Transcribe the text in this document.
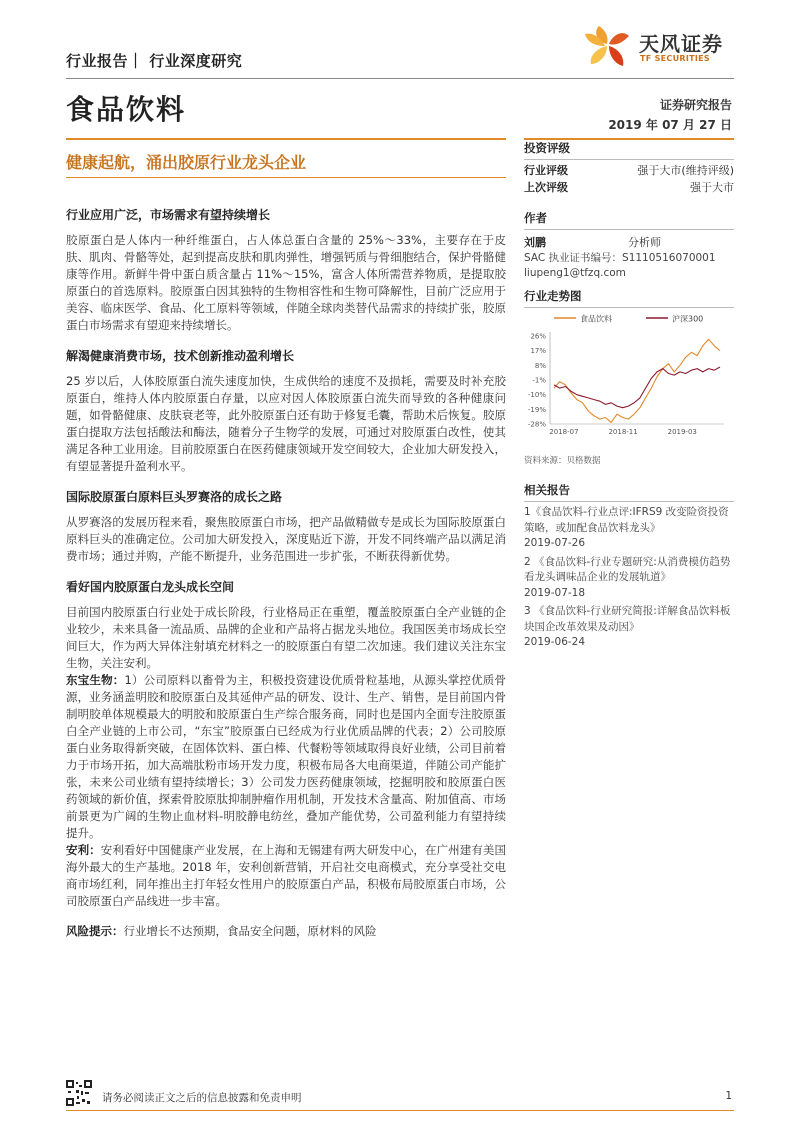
行业报告｜ 行业深度研究
天风证券
TF SECURITIES
食品饮料	证券研究报告
2019 年 07 月 27 日
健康起航，涌出胶原行业龙头企业
行业应用广泛，市场需求有望持续增长

胶原蛋白是人体内一种纤维蛋白，占人体总蛋白含量的 25%～33%，主要存在于皮肤、肌肉、骨骼等处，起到提高皮肤和肌肉弹性，增强钙质与骨细胞结合，保护骨骼健康等作用。新鲜牛骨中蛋白质含量占 11%～15%，富含人体所需营养物质，是提取胶原蛋白的首选原料。胶原蛋白因其独特的生物相容性和生物可降解性，目前广泛应用于美容、临床医学、食品、化工原料等领域，伴随全球肉类替代品需求的持续扩张，胶原蛋白市场需求有望迎来持续增长。

解渴健康消费市场，技术创新推动盈利增长

25 岁以后，人体胶原蛋白流失速度加快，生成供给的速度不及损耗，需要及时补充胶原蛋白，维持人体内胶原蛋白存量，以应对因人体胶原蛋白流失而导致的各种健康问题，如骨骼健康、皮肤衰老等，此外胶原蛋白还有助于修复毛囊，帮助术后恢复。胶原蛋白提取方法包括酸法和酶法，随着分子生物学的发展，可通过对胶原蛋白改性，使其满足各种工业用途。目前胶原蛋白在医药健康领域开发空间较大，企业加大研发投入，有望显著提升盈利水平。

国际胶原蛋白原料巨头罗赛洛的成长之路

从罗赛洛的发展历程来看，聚焦胶原蛋白市场，把产品做精做专是成长为国际胶原蛋白原料巨头的准确定位。公司加大研发投入，深度贴近下游，开发不同终端产品以满足消费市场；通过并购，产能不断提升，业务范围进一步扩张，不断获得新优势。

看好国内胶原蛋白龙头成长空间

目前国内胶原蛋白行业处于成长阶段，行业格局正在重塑，覆盖胶原蛋白全产业链的企业较少，未来具备一流品质、品牌的企业和产品将占据龙头地位。我国医美市场成长空间巨大，作为两大异体注射填充材料之一的胶原蛋白有望二次加速。我们建议关注东宝生物，关注安利。

东宝生物：1）公司原料以畜骨为主，积极投资建设优质骨粒基地，从源头掌控优质骨源，业务涵盖明胶和胶原蛋白及其延伸产品的研发、设计、生产、销售，是目前国内骨制明胶单体规模最大的明胶和胶原蛋白生产综合服务商，同时也是国内全面专注胶原蛋白全产业链的上市公司，“东宝”胶原蛋白已经成为行业优质品牌的代表；2）公司胶原蛋白业务取得新突破，在固体饮料、蛋白棒、代餐粉等领域取得良好业绩，公司目前着力于市场开拓，加大高端肽粉市场开发力度，积极布局各大电商渠道，伴随公司产能扩张，未来公司业绩有望持续增长；3）公司发力医药健康领域，挖掘明胶和胶原蛋白医药领域的新价值，探索骨胶原肽抑制肿瘤作用机制，开发技术含量高、附加值高、市场前景更为广阔的生物止血材料-明胶静电纺丝，叠加产能优势，公司盈利能力有望持续提升。

安利：安利看好中国健康产业发展，在上海和无锡建有两大研发中心，在广州建有美国海外最大的生产基地。2018 年，安利创新营销，开启社交电商模式，充分享受社交电商市场红利，同年推出主打年轻女性用户的胶原蛋白产品，积极布局胶原蛋白市场，公司胶原蛋白产品线进一步丰富。

风险提示：行业增长不达预期，食品安全问题，原材料的风险

投资评级
行业评级	强于大市(维持评级)
上次评级	强于大市
作者
刘鹏	分析师
SAC 执业证书编号：S1110516070001
liupeng1@tfzq.com
行业走势图
食品饮料	沪深300
26%
17%
8%
-1%
-10%
-19%
-28%
2018-07	2018-11	2019-03
资料来源：贝格数据
相关报告
1《食品饮料-行业点评:IFRS9 改变险资投资策略，或加配食品饮料龙头》
2019-07-26
2 《食品饮料-行业专题研究:从消费模仿趋势看龙头调味品企业的发展轨道》
2019-07-18
3 《食品饮料-行业研究简报:详解食品饮料板块国企改革效果及动因》
2019-06-24
请务必阅读正文之后的信息披露和免责申明	1
